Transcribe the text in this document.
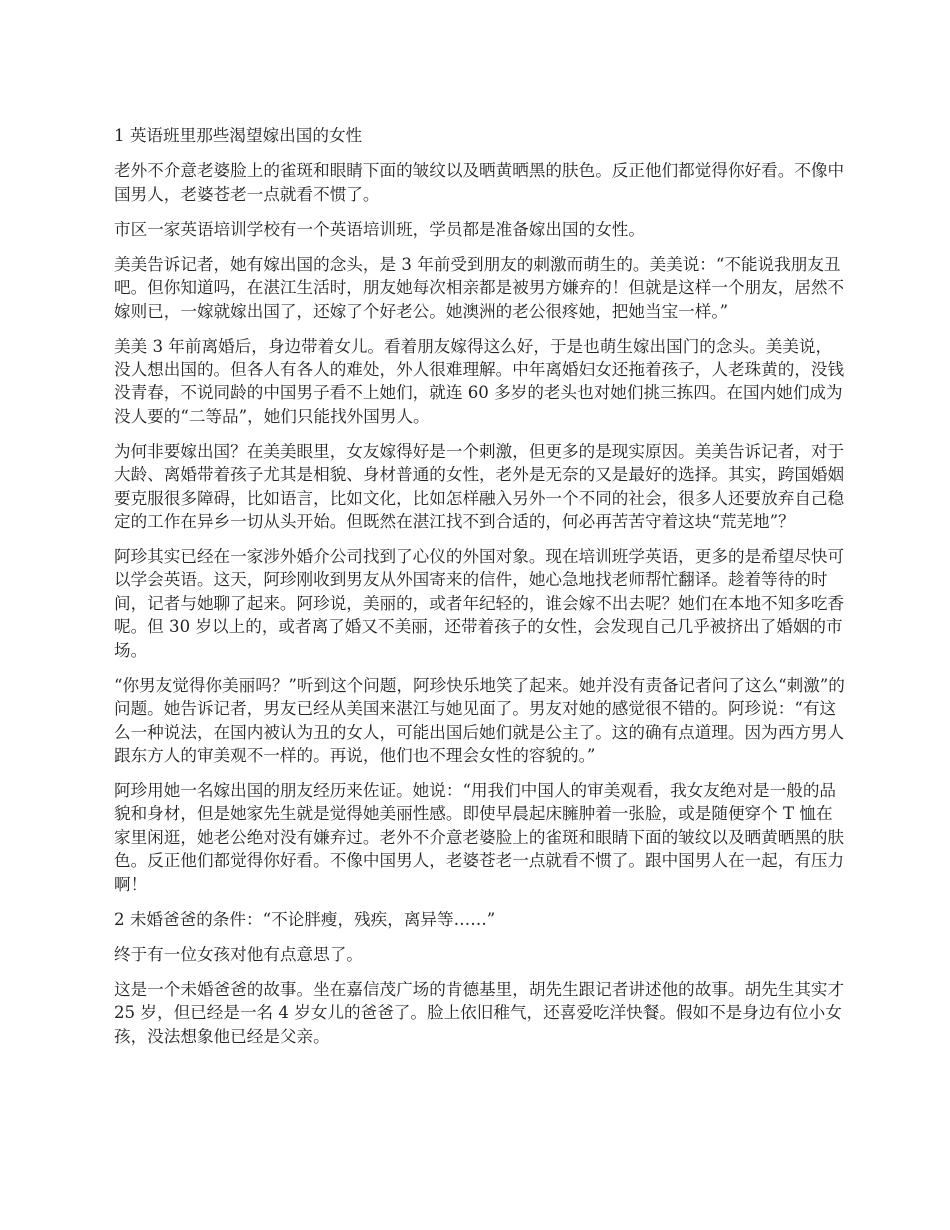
1 英语班里那些渴望嫁出国的女性

老外不介意老婆脸上的雀斑和眼睛下面的皱纹以及晒黄晒黑的肤色。反正他们都觉得你好看。不像中国男人，老婆苍老一点就看不惯了。

市区一家英语培训学校有一个英语培训班，学员都是准备嫁出国的女性。

美美告诉记者，她有嫁出国的念头，是 3 年前受到朋友的刺激而萌生的。美美说：“不能说我朋友丑吧。但你知道吗，在湛江生活时，朋友她每次相亲都是被男方嫌弃的！但就是这样一个朋友，居然不嫁则已，一嫁就嫁出国了，还嫁了个好老公。她澳洲的老公很疼她，把她当宝一样。”

美美 3 年前离婚后，身边带着女儿。看着朋友嫁得这么好，于是也萌生嫁出国门的念头。美美说，没人想出国的。但各人有各人的难处，外人很难理解。中年离婚妇女还拖着孩子，人老珠黄的，没钱没青春，不说同龄的中国男子看不上她们，就连 60 多岁的老头也对她们挑三拣四。在国内她们成为没人要的“二等品”，她们只能找外国男人。

为何非要嫁出国？在美美眼里，女友嫁得好是一个刺激，但更多的是现实原因。美美告诉记者，对于大龄、离婚带着孩子尤其是相貌、身材普通的女性，老外是无奈的又是最好的选择。其实，跨国婚姻要克服很多障碍，比如语言，比如文化，比如怎样融入另外一个不同的社会，很多人还要放弃自己稳定的工作在异乡一切从头开始。但既然在湛江找不到合适的，何必再苦苦守着这块“荒芜地”？

阿珍其实已经在一家涉外婚介公司找到了心仪的外国对象。现在培训班学英语，更多的是希望尽快可以学会英语。这天，阿珍刚收到男友从外国寄来的信件，她心急地找老师帮忙翻译。趁着等待的时间，记者与她聊了起来。阿珍说，美丽的，或者年纪轻的，谁会嫁不出去呢？她们在本地不知多吃香呢。但 30 岁以上的，或者离了婚又不美丽，还带着孩子的女性，会发现自己几乎被挤出了婚姻的市场。

“你男友觉得你美丽吗？”听到这个问题，阿珍快乐地笑了起来。她并没有责备记者问了这么“刺激”的问题。她告诉记者，男友已经从美国来湛江与她见面了。男友对她的感觉很不错的。阿珍说：“有这么一种说法，在国内被认为丑的女人，可能出国后她们就是公主了。这的确有点道理。因为西方男人跟东方人的审美观不一样的。再说，他们也不理会女性的容貌的。”

阿珍用她一名嫁出国的朋友经历来佐证。她说：“用我们中国人的审美观看，我女友绝对是一般的品貌和身材，但是她家先生就是觉得她美丽性感。即使早晨起床臃肿着一张脸，或是随便穿个 T 恤在家里闲逛，她老公绝对没有嫌弃过。老外不介意老婆脸上的雀斑和眼睛下面的皱纹以及晒黄晒黑的肤色。反正他们都觉得你好看。不像中国男人，老婆苍老一点就看不惯了。跟中国男人在一起，有压力啊！

2 未婚爸爸的条件：“不论胖瘦，残疾，离异等……”

终于有一位女孩对他有点意思了。

这是一个未婚爸爸的故事。坐在嘉信茂广场的肯德基里，胡先生跟记者讲述他的故事。胡先生其实才 25 岁，但已经是一名 4 岁女儿的爸爸了。脸上依旧稚气，还喜爱吃洋快餐。假如不是身边有位小女孩，没法想象他已经是父亲。
